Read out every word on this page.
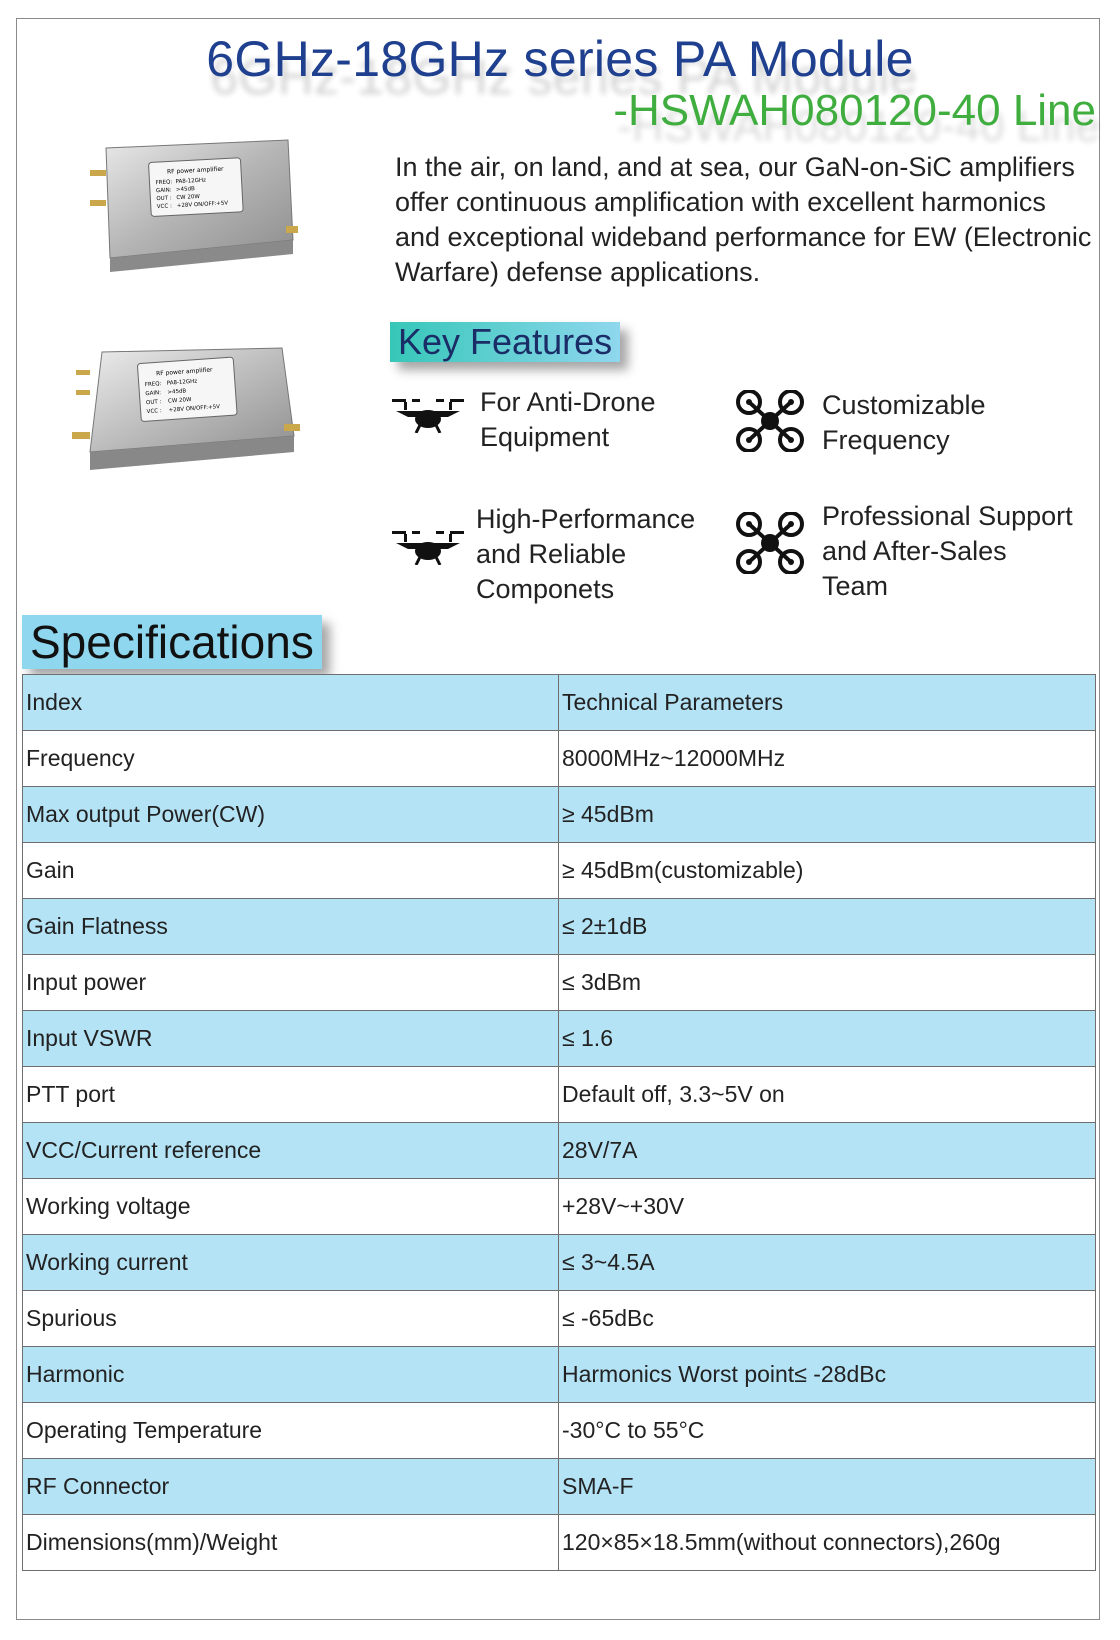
6GHz-18GHz series PA Module
-HSWAH080120-40 Line
RF power amplifier
FREQ: PA8-12GHz
GAIN: >45dB
OUT : CW 20W
VCC : +28V ON/OFF:+5V
RF power amplifier
FREQ: PA8-12GHz
GAIN: >45dB
OUT : CW 20W
VCC : +28V ON/OFF:+5V
In the air, on land, and at sea, our GaN-on-SiC amplifiers offer continuous amplification with excellent harmonics and exceptional wideband performance for EW (Electronic Warfare) defense applications.
Key Features
For Anti-Drone
Equipment
Customizable
Frequency
High-Performance
and Reliable
Componets
Professional Support
and After-Sales
Team
Specifications
Index	Technical Parameters
Frequency	8000MHz~12000MHz
Max output Power(CW)	≥ 45dBm
Gain	≥ 45dBm(customizable)
Gain Flatness	≤ 2±1dB
Input power	≤ 3dBm
Input VSWR	≤ 1.6
PTT port	Default off, 3.3~5V on
VCC/Current reference	28V/7A
Working voltage	+28V~+30V
Working current	≤ 3~4.5A
Spurious	≤ -65dBc
Harmonic	Harmonics Worst point≤ -28dBc
Operating Temperature	-30°C to 55°C
RF Connector	SMA-F
Dimensions(mm)/Weight	120×85×18.5mm(without connectors),260g
